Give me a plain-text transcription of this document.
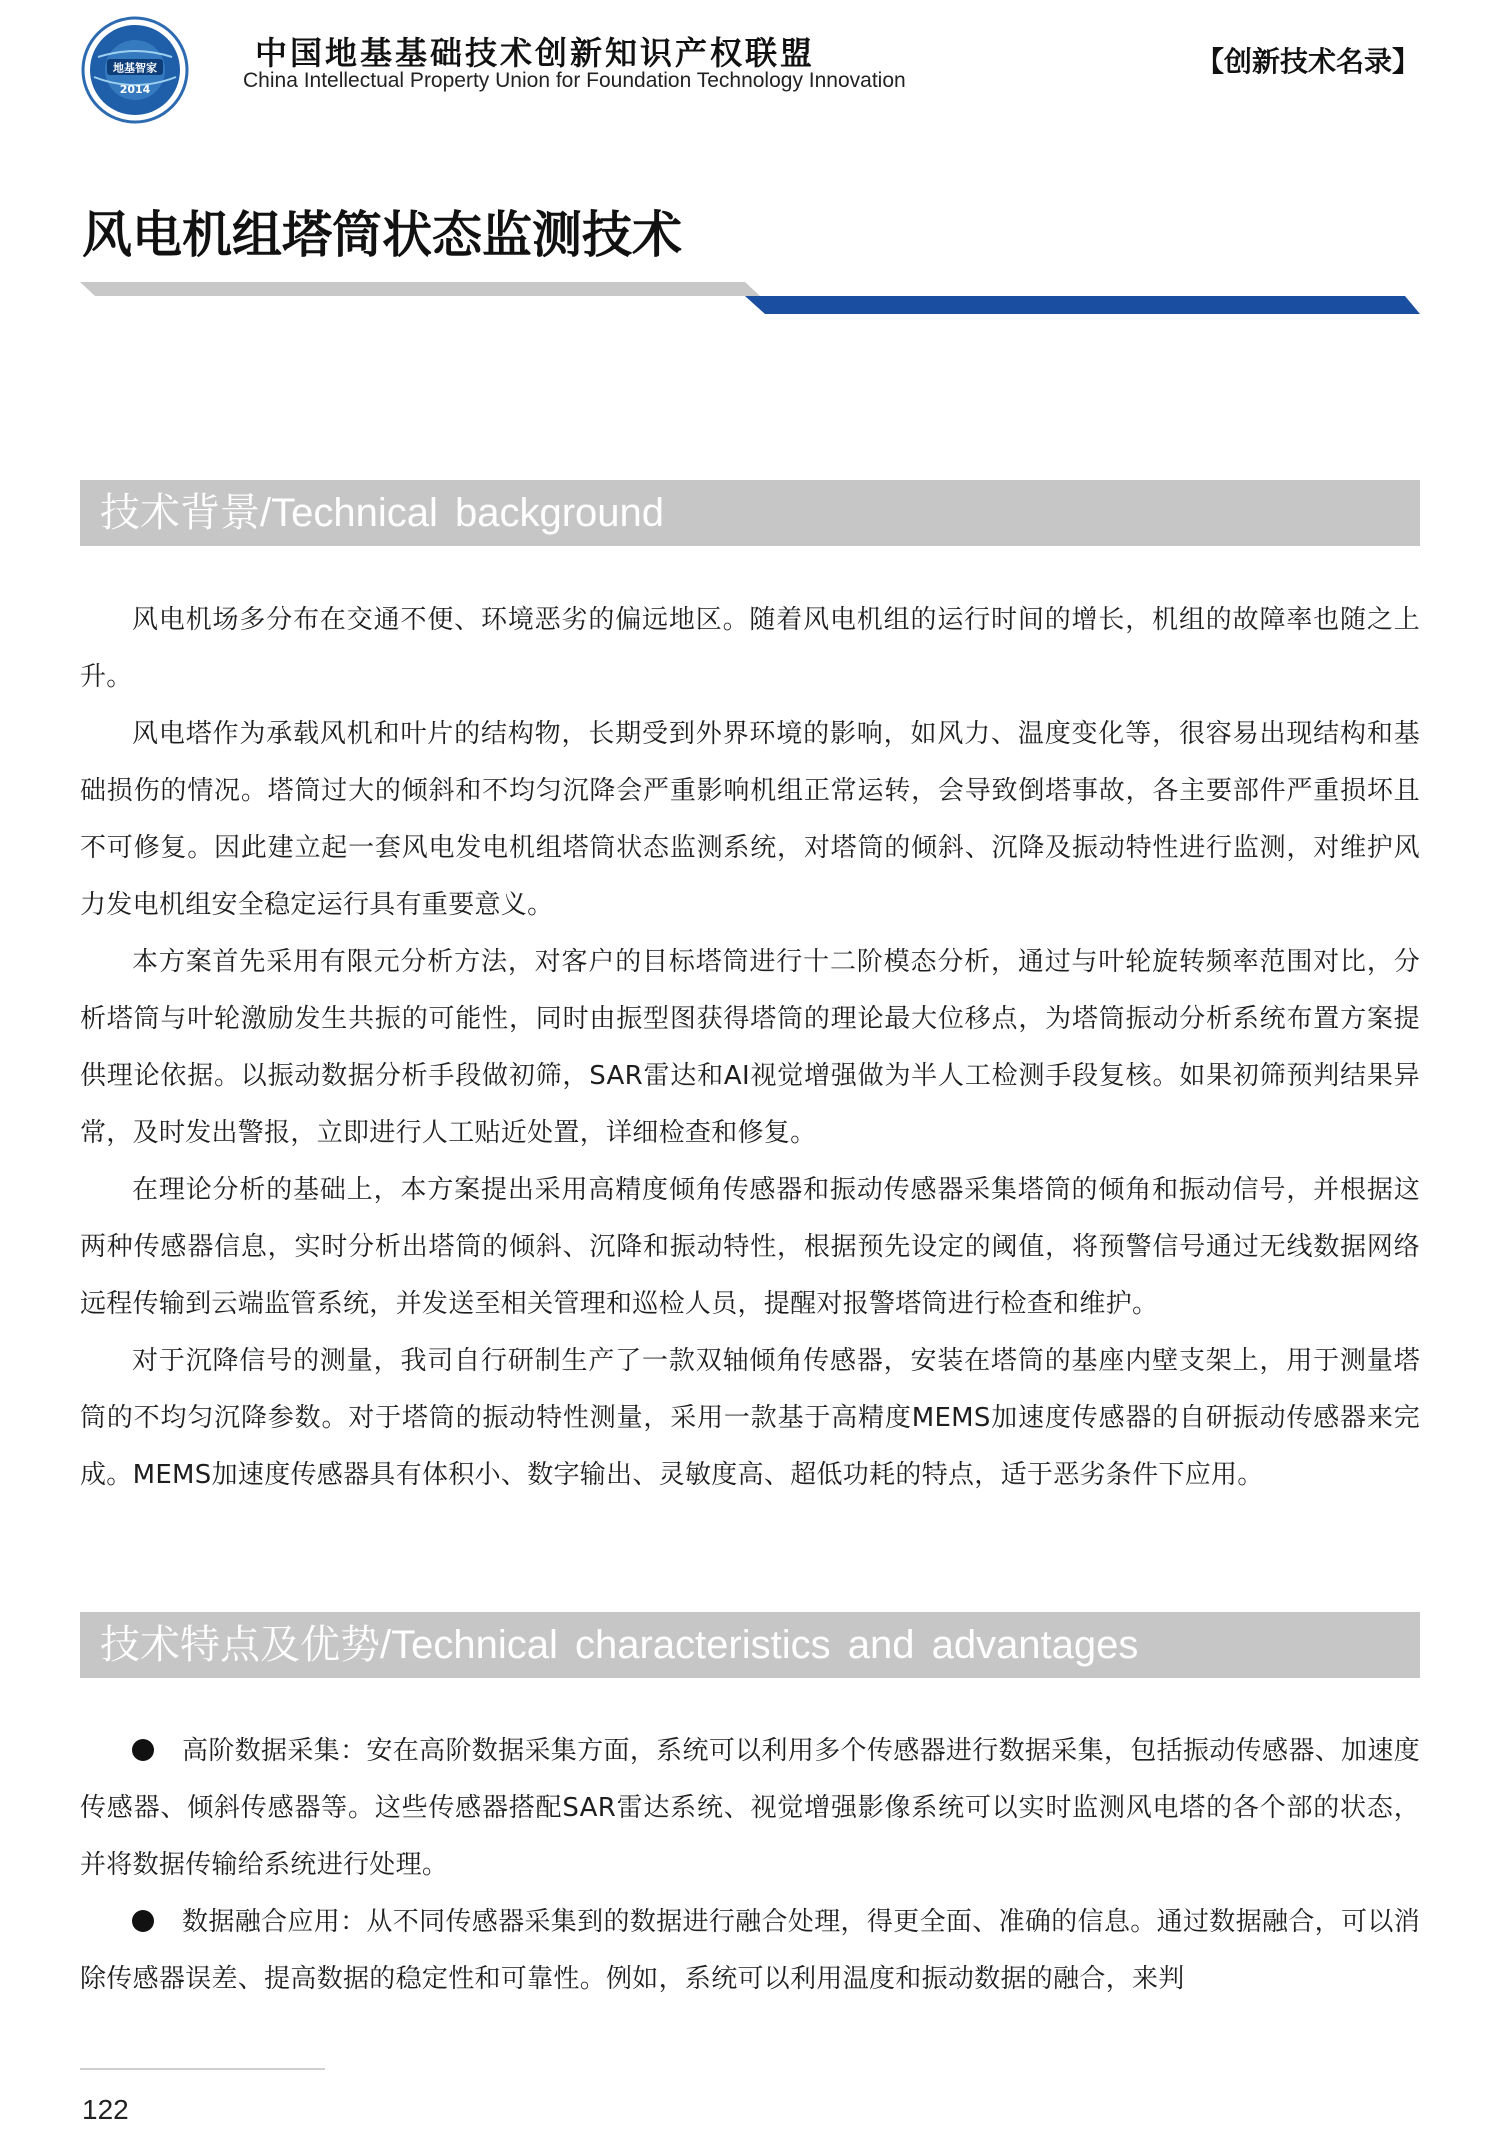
地基智家
2014
中国地基基础技术创新知识产权联盟
China Intellectual Property Union for Foundation Technology Innovation
【创新技术名录】
风电机组塔筒状态监测技术
技术背景/Technical background

风电机场多分布在交通不便、环境恶劣的偏远地区。随着风电机组的运行时间的增长，机组的故障率也随之上升。

风电塔作为承载风机和叶片的结构物，长期受到外界环境的影响，如风力、温度变化等，很容易出现结构和基础损伤的情况。塔筒过大的倾斜和不均匀沉降会严重影响机组正常运转，会导致倒塔事故，各主要部件严重损坏且不可修复。因此建立起一套风电发电机组塔筒状态监测系统，对塔筒的倾斜、沉降及振动特性进行监测，对维护风力发电机组安全稳定运行具有重要意义。

本方案首先采用有限元分析方法，对客户的目标塔筒进行十二阶模态分析，通过与叶轮旋转频率范围对比，分析塔筒与叶轮激励发生共振的可能性，同时由振型图获得塔筒的理论最大位移点，为塔筒振动分析系统布置方案提供理论依据。以振动数据分析手段做初筛，SAR雷达和AI视觉增强做为半人工检测手段复核。如果初筛预判结果异常，及时发出警报，立即进行人工贴近处置，详细检查和修复。

在理论分析的基础上，本方案提出采用高精度倾角传感器和振动传感器采集塔筒的倾角和振动信号，并根据这两种传感器信息，实时分析出塔筒的倾斜、沉降和振动特性，根据预先设定的阈值，将预警信号通过无线数据网络远程传输到云端监管系统，并发送至相关管理和巡检人员，提醒对报警塔筒进行检查和维护。

对于沉降信号的测量，我司自行研制生产了一款双轴倾角传感器，安装在塔筒的基座内壁支架上，用于测量塔筒的不均匀沉降参数。对于塔筒的振动特性测量，采用一款基于高精度MEMS加速度传感器的自研振动传感器来完成。MEMS加速度传感器具有体积小、数字输出、灵敏度高、超低功耗的特点，适于恶劣条件下应用。

技术特点及优势/Technical characteristics and advantages

高阶数据采集：安在高阶数据采集方面，系统可以利用多个传感器进行数据采集，包括振动传感器、加速度传感器、倾斜传感器等。这些传感器搭配SAR雷达系统、视觉增强影像系统可以实时监测风电塔的各个部的状态，并将数据传输给系统进行处理。

数据融合应用：从不同传感器采集到的数据进行融合处理，得更全面、准确的信息。通过数据融合，可以消除传感器误差、提高数据的稳定性和可靠性。例如，系统可以利用温度和振动数据的融合，来判

122
